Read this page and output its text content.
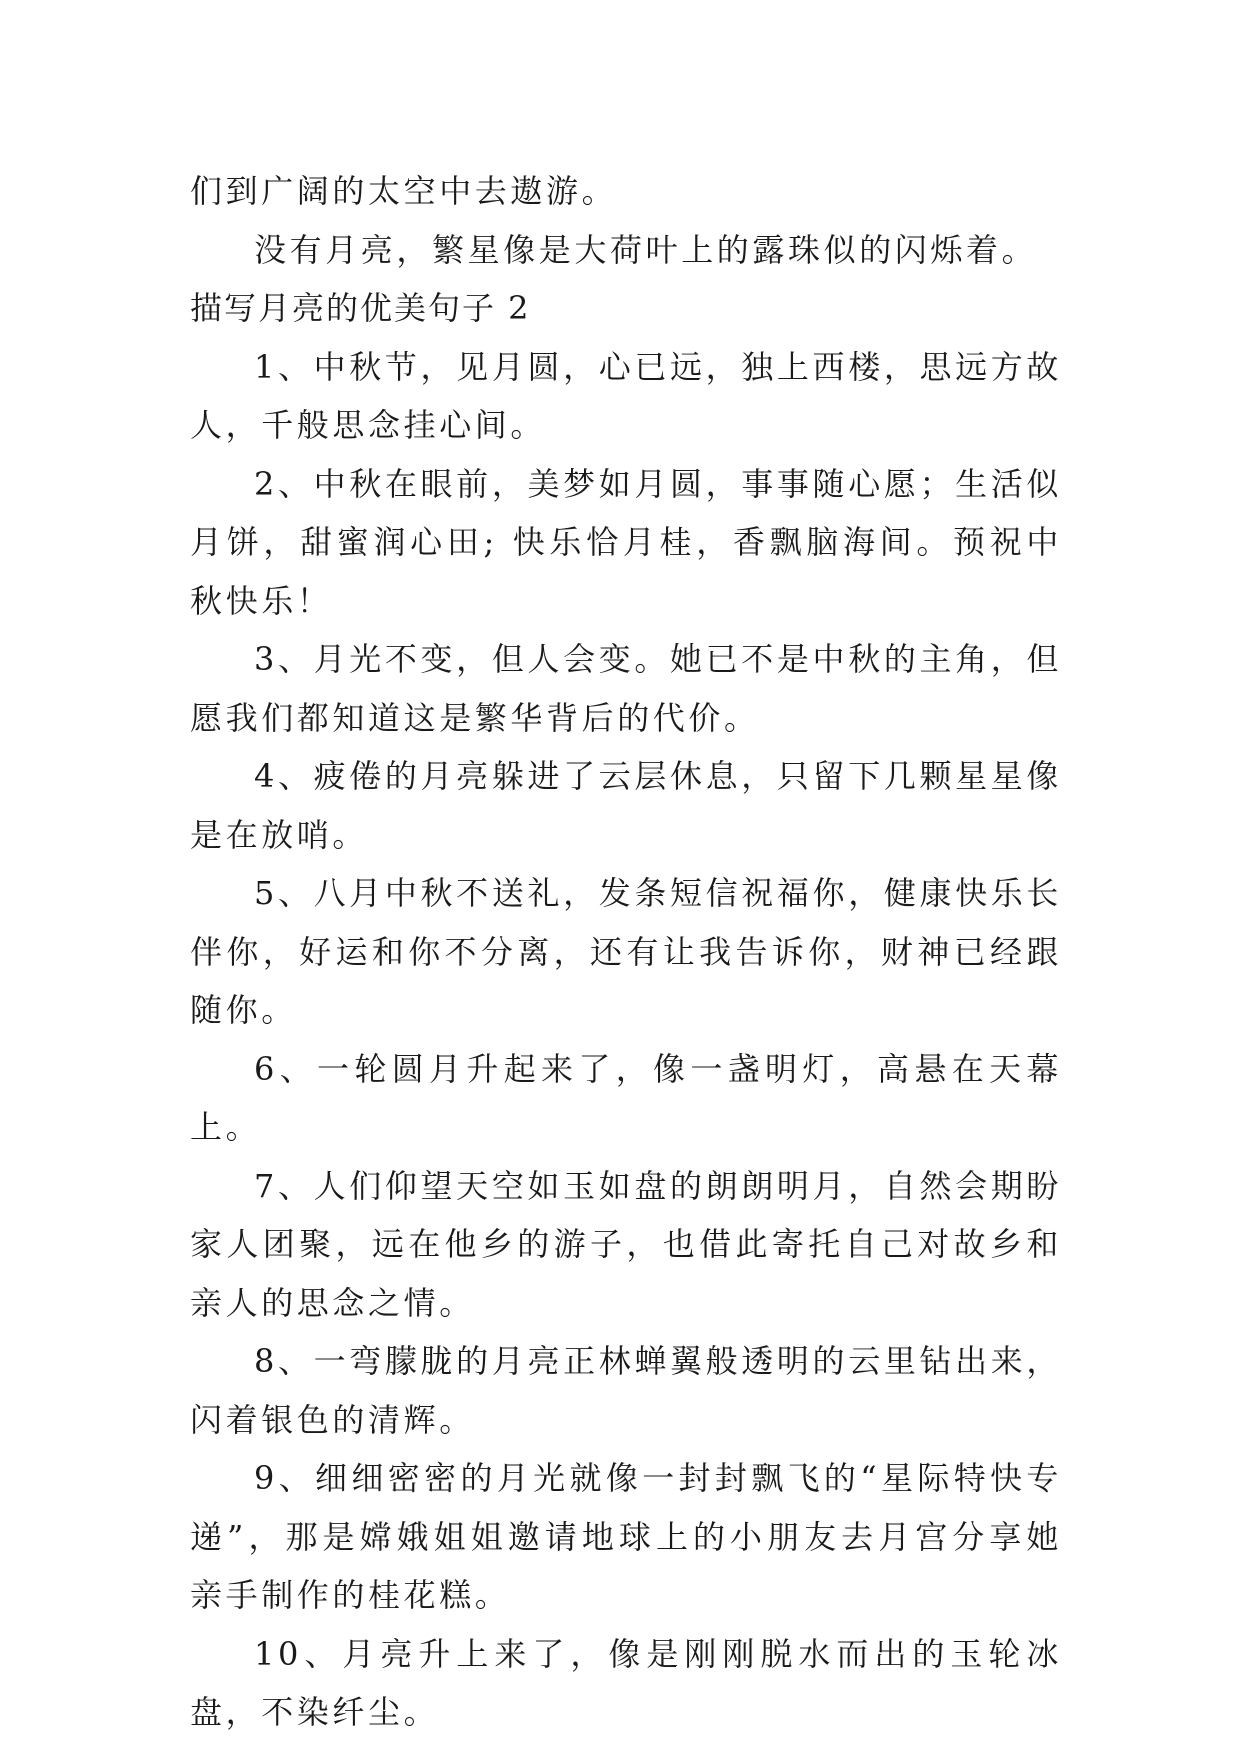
们到广阔的太空中去遨游。

没有月亮，繁星像是大荷叶上的露珠似的闪烁着。

描写月亮的优美句子 2

1、中秋节，见月圆，心已远，独上西楼，思远方故人，千般思念挂心间。

2、中秋在眼前，美梦如月圆，事事随心愿；生活似月饼，甜蜜润心田; 快乐恰月桂，香飘脑海间。预祝中秋快乐！

3、月光不变，但人会变。她已不是中秋的主角，但愿我们都知道这是繁华背后的代价。

4、疲倦的月亮躲进了云层休息，只留下几颗星星像是在放哨。

5、八月中秋不送礼，发条短信祝福你，健康快乐长伴你，好运和你不分离，还有让我告诉你，财神已经跟随你。

6、一轮圆月升起来了，像一盏明灯，高悬在天幕上。

7、人们仰望天空如玉如盘的朗朗明月，自然会期盼家人团聚，远在他乡的游子，也借此寄托自己对故乡和亲人的思念之情。

8、一弯朦胧的月亮正林蝉翼般透明的云里钻出来，闪着银色的清辉。

9、细细密密的月光就像一封封飘飞的“星际特快专递”，那是嫦娥姐姐邀请地球上的小朋友去月宫分享她亲手制作的桂花糕。

10、月亮升上来了，像是刚刚脱水而出的玉轮冰盘，不染纤尘。
